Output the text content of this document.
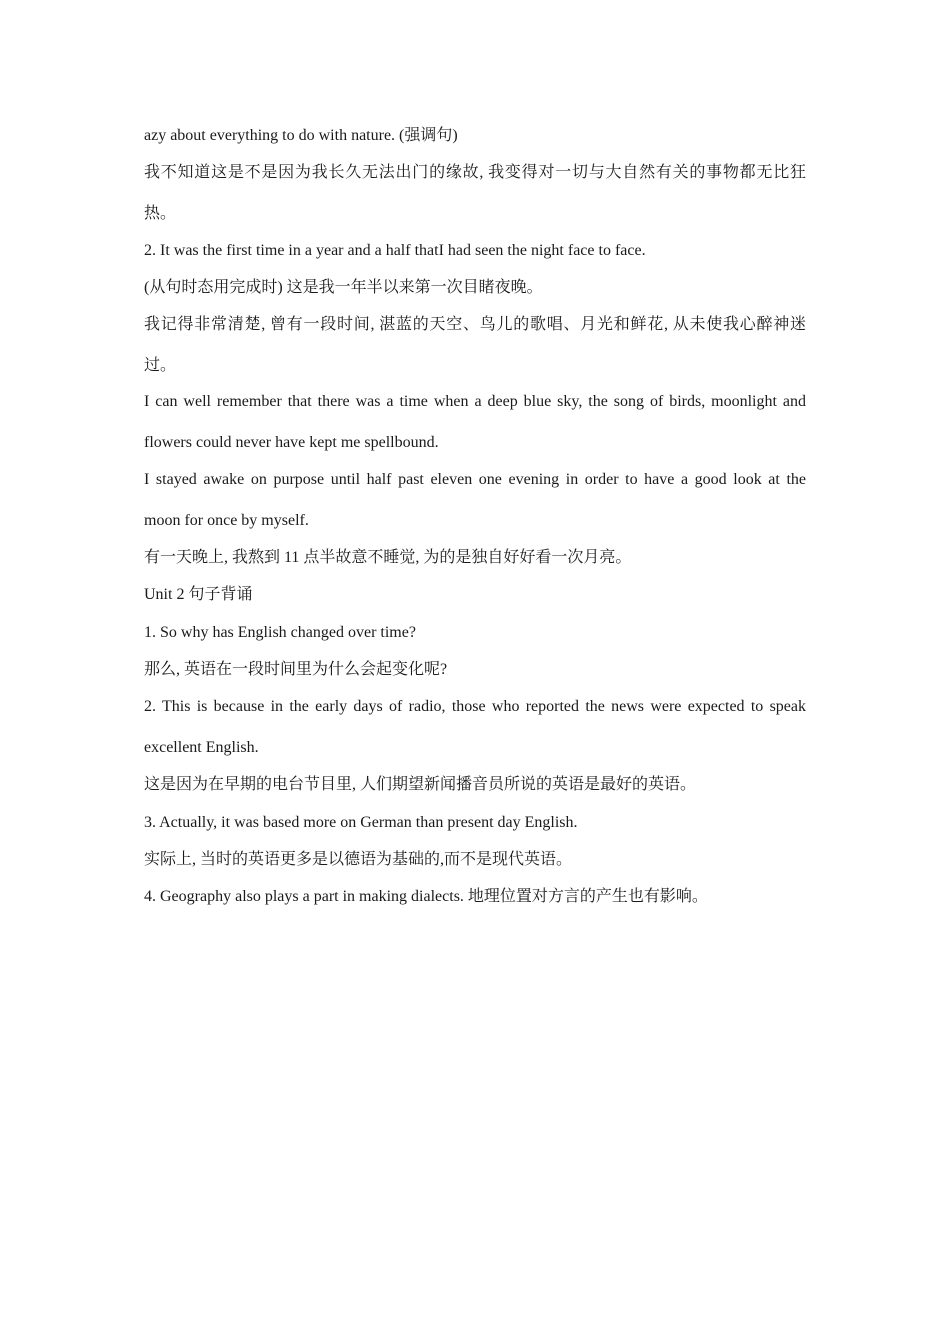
azy about everything to do with nature. (强调句)
我不知道这是不是因为我长久无法出门的缘故, 我变得对一切与大自然有关的事物都无比狂
热。
2. It was the first time in a year and a half thatI had seen the night face to face.
(从句时态用完成时) 这是我一年半以来第一次目睹夜晚。
我记得非常清楚, 曾有一段时间, 湛蓝的天空、鸟儿的歌唱、月光和鲜花, 从未使我心醉神迷
过。
I can well remember that there was a time when a deep blue sky, the song of birds, moonlight and
flowers could never have kept me spellbound.
I stayed awake on purpose until half past eleven one evening in order to have a good look at the
moon for once by myself.
有一天晚上, 我熬到 11 点半故意不睡觉, 为的是独自好好看一次月亮。
Unit 2 句子背诵
1. So why has English changed over time?
那么, 英语在一段时间里为什么会起变化呢?
2. This is because in the early days of radio, those who reported the news were expected to speak
excellent English.
这是因为在早期的电台节目里, 人们期望新闻播音员所说的英语是最好的英语。
3. Actually, it was based more on German than present day English.
实际上, 当时的英语更多是以德语为基础的,而不是现代英语。
4. Geography also plays a part in making dialects. 地理位置对方言的产生也有影响。
